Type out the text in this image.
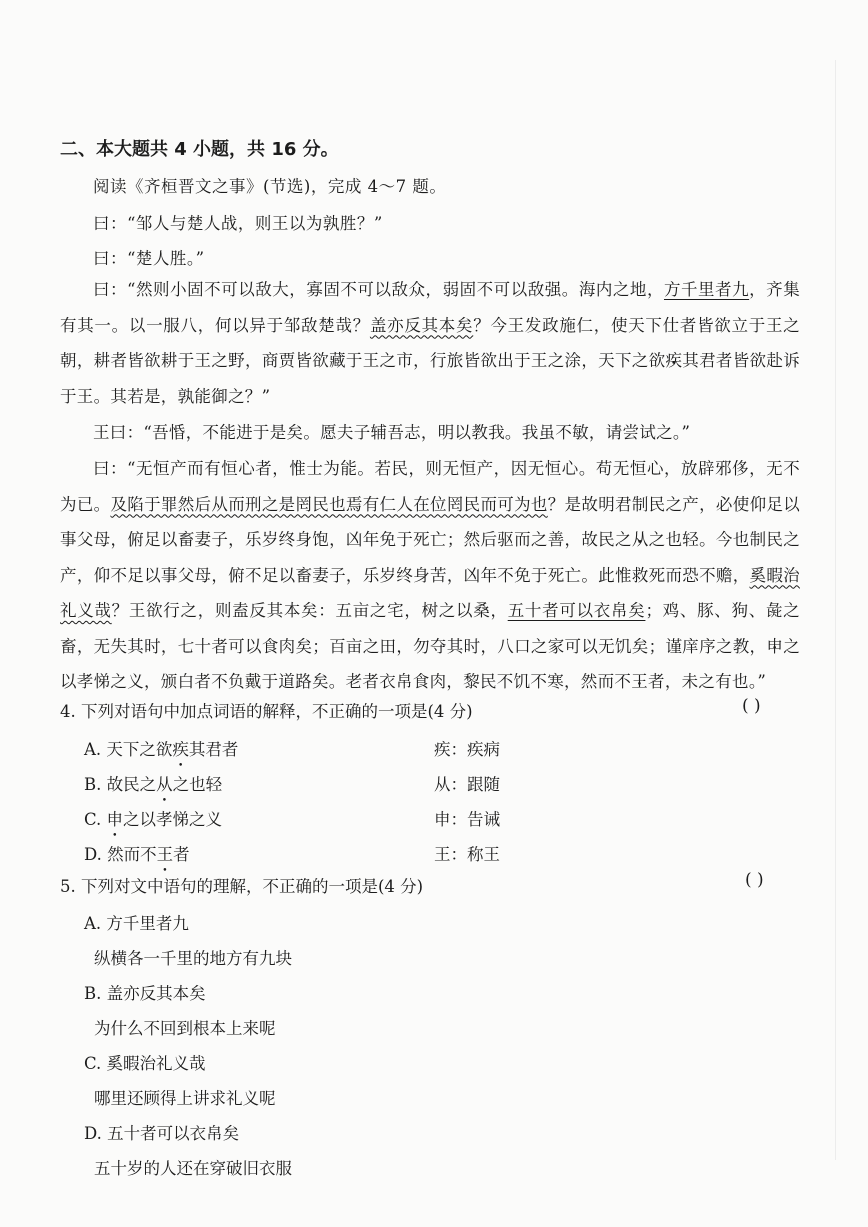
二、本大题共 4 小题，共 16 分。
阅读《齐桓晋文之事》(节选)，完成 4～7 题。
曰：“邹人与楚人战，则王以为孰胜？”
曰：“楚人胜。”
曰：“然则小固不可以敌大，寡固不可以敌众，弱固不可以敌强。海内之地，方千里者九，齐集有其一。以一服八，何以异于邹敌楚哉？盖亦反其本矣？今王发政施仁，使天下仕者皆欲立于王之朝，耕者皆欲耕于王之野，商贾皆欲藏于王之市，行旅皆欲出于王之涂，天下之欲疾 •其君者皆欲赴诉于王。其若是，孰能御之？”
王曰：“吾惛，不能进于是矣。愿夫子辅吾志，明以教我。我虽不敏，请尝试之。”
曰：“无恒产而有恒心者，惟士为能。若民，则无恒产，因无恒心。苟无恒心，放辟邪侈，无不为已。及陷于罪然后从而刑之是罔民也焉有仁人在位罔民而可为也？是故明君制民之产，必使仰足以事父母，俯足以畜妻子，乐岁终身饱，凶年免于死亡；然后驱而之善，故民之从 •之也轻。今也制民之产，仰不足以事父母，俯不足以畜妻子，乐岁终身苦，凶年不免于死亡。此惟救死而恐不赡，奚暇治礼义哉？王欲行之，则盍反其本矣：五亩之宅，树之以桑，五十者可以衣帛矣；鸡、豚、狗、彘之畜，无失其时，七十者可以食肉矣；百亩之田，勿夺其时，八口之家可以无饥矣；谨庠序之教，申 •之以孝悌之义，颁白者不负戴于道路矣。老者衣帛食肉，黎民不饥不寒，然而不王 •者，未之有也。”
4. 下列对语句中加点词语的解释，不正确的一项是(4 分)	( )
A. 天下之欲疾其君者	疾：疾病
B. 故民之从之也轻	从：跟随
C. 申之以孝悌之义	申：告诫
D. 然而不王者	王：称王
5. 下列对文中语句的理解，不正确的一项是(4 分)	( )
A. 方千里者九
纵横各一千里的地方有九块
B. 盖亦反其本矣
为什么不回到根本上来呢
C. 奚暇治礼义哉
哪里还顾得上讲求礼义呢
D. 五十者可以衣帛矣
五十岁的人还在穿破旧衣服
